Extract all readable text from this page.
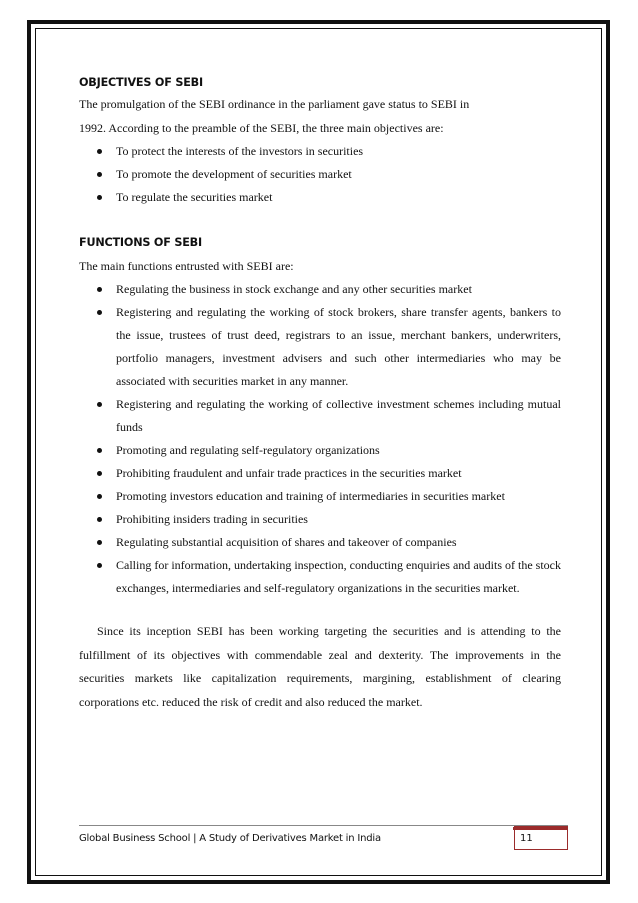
OBJECTIVES OF SEBI

The promulgation of the SEBI ordinance in the parliament gave status to SEBI in

1992. According to the preamble of the SEBI, the three main objectives are:

To protect the interests of the investors in securities
To promote the development of securities market
To regulate the securities market

FUNCTIONS OF SEBI

The main functions entrusted with SEBI are:

Regulating the business in stock exchange and any other securities market
Registering and regulating the working of stock brokers, share transfer agents, bankers to the issue, trustees of trust deed, registrars to an issue, merchant bankers, underwriters, portfolio managers, investment advisers and such other intermediaries who may be associated with securities market in any manner.
Registering and regulating the working of collective investment schemes including mutual funds
Promoting and regulating self-regulatory organizations
Prohibiting fraudulent and unfair trade practices in the securities market
Promoting investors education and training of intermediaries in securities market
Prohibiting insiders trading in securities
Regulating substantial acquisition of shares and takeover of companies
Calling for information, undertaking inspection, conducting enquiries and audits of the stock exchanges, intermediaries and self-regulatory organizations in the securities market.

Since its inception SEBI has been working targeting the securities and is attending to the fulfillment of its objectives with commendable zeal and dexterity. The improvements in the securities markets like capitalization requirements, margining, establishment of clearing corporations etc. reduced the risk of credit and also reduced the market.

Global Business School | A Study of Derivatives Market in India	11
